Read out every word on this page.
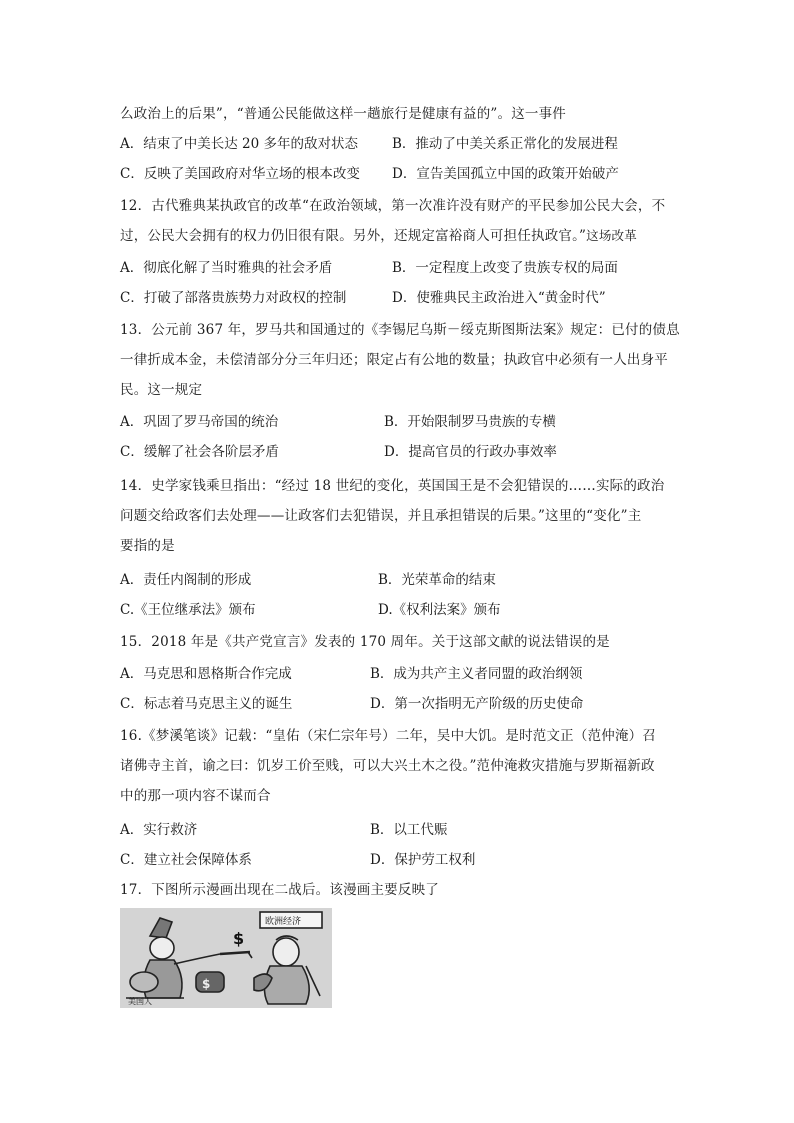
么政治上的后果”，“普通公民能做这样一趟旅行是健康有益的”。这一事件
A．结束了中美长达 20 多年的敌对状态	B．推动了中美关系正常化的发展进程
C．反映了美国政府对华立场的根本改变 D．宣告美国孤立中国的政策开始破产
12．古代雅典某执政官的改革“在政治领域，第一次准许没有财产的平民参加公民大会，不
过，公民大会拥有的权力仍旧很有限。另外，还规定富裕商人可担任执政官。”这场改革
A．彻底化解了当时雅典的社会矛盾	B．一定程度上改变了贵族专权的局面
C．打破了部落贵族势力对政权的控制	D．使雅典民主政治进入“黄金时代”
13．公元前 367 年，罗马共和国通过的《李锡尼乌斯－绥克斯图斯法案》规定：已付的债息
一律折成本金，未偿清部分分三年归还；限定占有公地的数量；执政官中必须有一人出身平
民。这一规定
A．巩固了罗马帝国的统治	B．开始限制罗马贵族的专横
C．缓解了社会各阶层矛盾	D．提高官员的行政办事效率
14．史学家钱乘旦指出：“经过 18 世纪的变化，英国国王是不会犯错误的……实际的政治
问题交给政客们去处理——让政客们去犯错误，并且承担错误的后果。”这里的“变化”主
要指的是
A．责任内阁制的形成	B．光荣革命的结束
C.《王位继承法》颁布	D.《权利法案》颁布
15．2018 年是《共产党宣言》发表的 170 周年。关于这部文献的说法错误的是
A．马克思和恩格斯合作完成	B．成为共产主义者同盟的政治纲领
C．标志着马克思主义的诞生	D．第一次指明无产阶级的历史使命
16.《梦溪笔谈》记载：“皇佑（宋仁宗年号）二年，吴中大饥。是时范文正（范仲淹）召
诸佛寺主首，谕之曰：饥岁工价至贱，可以大兴土木之役。”范仲淹救灾措施与罗斯福新政
中的那一项内容不谋而合
A．实行救济	B．以工代赈
C．建立社会保障体系	D．保护劳工权利
17．下图所示漫画出现在二战后。该漫画主要反映了
$
$
欧洲经济
美国人
